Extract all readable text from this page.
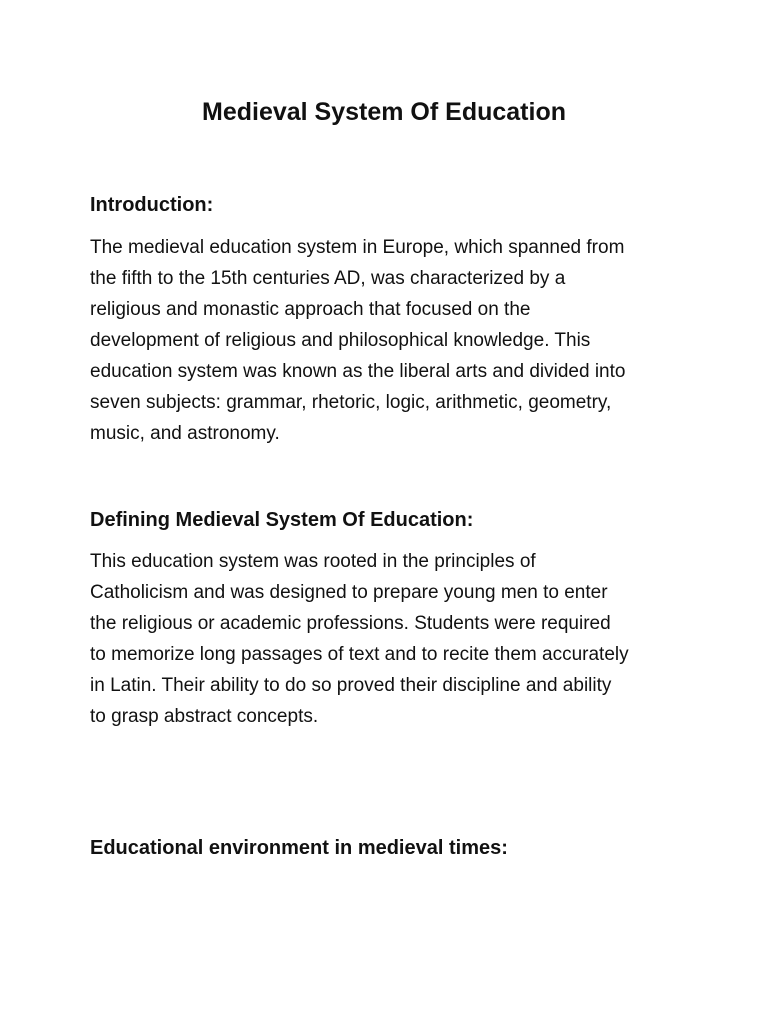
Medieval System Of Education
Introduction:

The medieval education system in Europe, which spanned from
the fifth to the 15th centuries AD, was characterized by a
religious and monastic approach that focused on the
development of religious and philosophical knowledge. This
education system was known as the liberal arts and divided into
seven subjects: grammar, rhetoric, logic, arithmetic, geometry,
music, and astronomy.

Defining Medieval System Of Education:

This education system was rooted in the principles of
Catholicism and was designed to prepare young men to enter
the religious or academic professions. Students were required
to memorize long passages of text and to recite them accurately
in Latin. Their ability to do so proved their discipline and ability
to grasp abstract concepts.

Educational environment in medieval times:
